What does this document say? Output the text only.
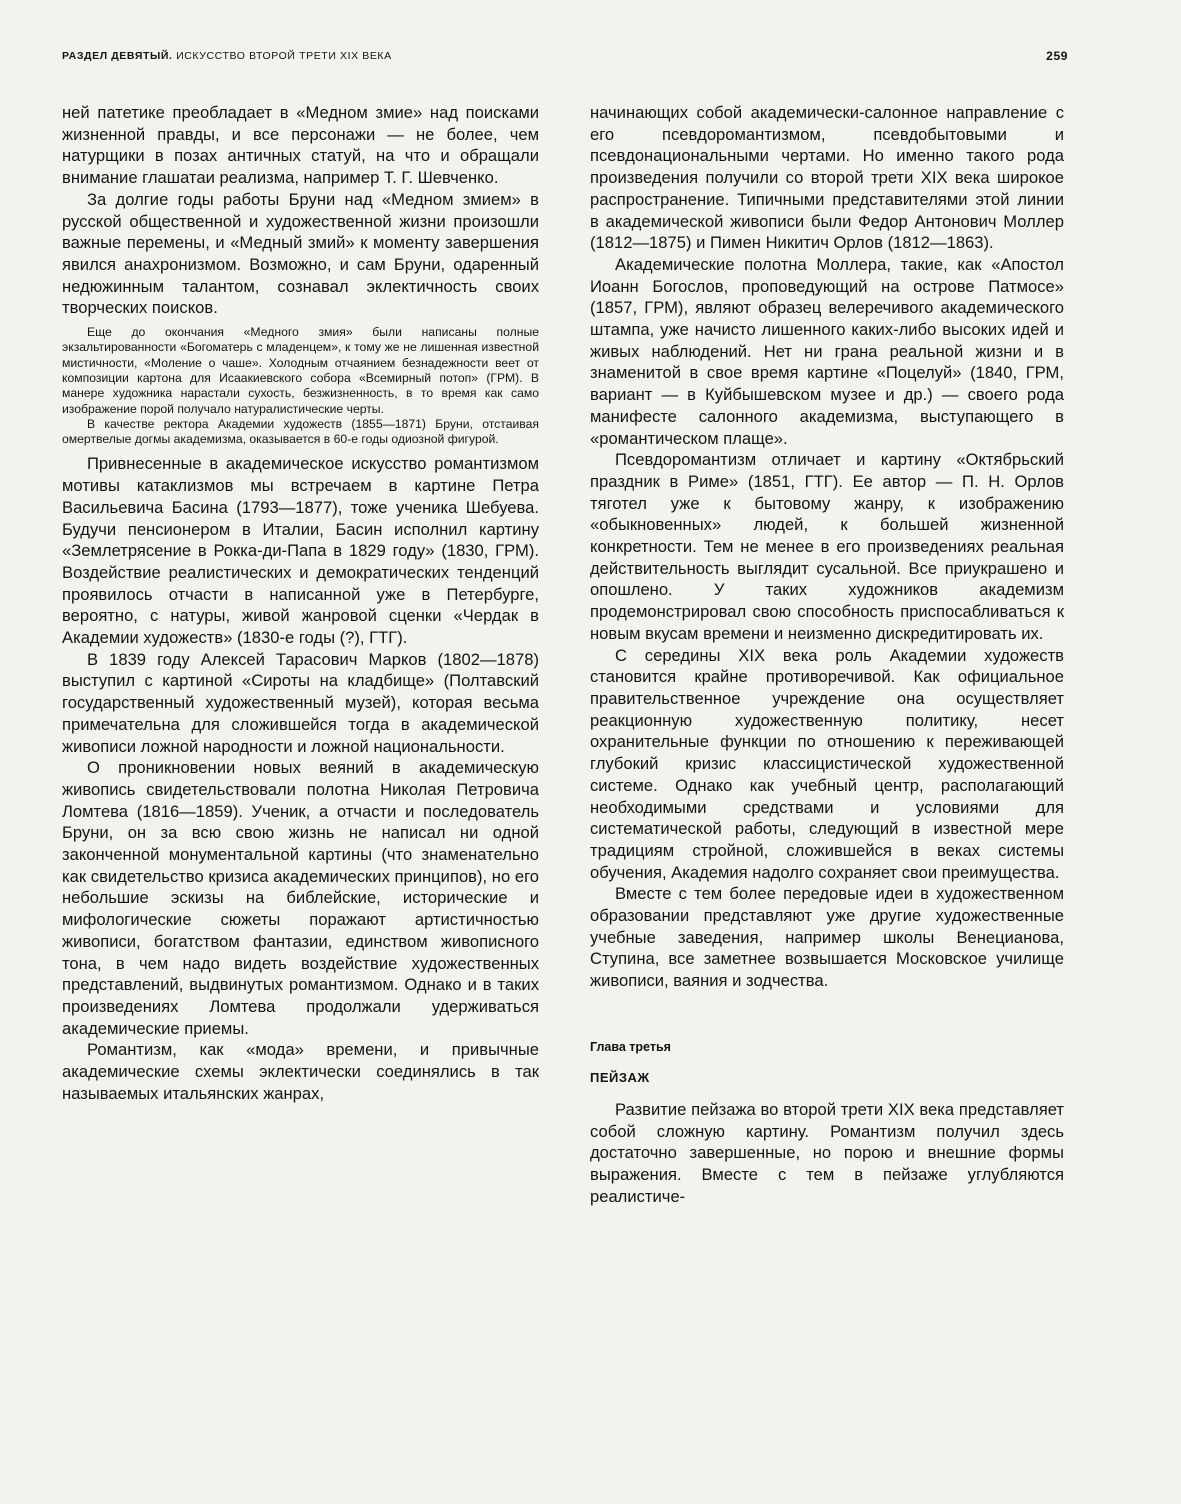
РАЗДЕЛ ДЕВЯТЫЙ. ИСКУССТВО ВТОРОЙ ТРЕТИ XIX ВЕКА	259

ней патетике преобладает в «Медном змие» над поисками жизненной правды, и все персонажи — не более, чем натурщики в позах античных статуй, на что и обращали внимание глашатаи реализма, например Т. Г. Шевченко.

За долгие годы работы Бруни над «Медном змием» в русской общественной и художественной жизни произошли важные перемены, и «Медный змий» к моменту завершения явился анахронизмом. Возможно, и сам Бруни, одаренный недюжинным талантом, сознавал эклектичность своих творческих поисков.

Еще до окончания «Медного змия» были написаны полные экзальтированности «Богоматерь с младенцем», к тому же не лишенная известной мистичности, «Моление о чаше». Холодным отчаянием безнадежности веет от композиции картона для Исаакиевского собора «Всемирный потоп» (ГРМ). В манере художника нарастали сухость, безжизненность, в то время как само изображение порой получало натуралистические черты.

В качестве ректора Академии художеств (1855—1871) Бруни, отстаивая омертвелые догмы академизма, оказывается в 60-е годы одиозной фигурой.

Привнесенные в академическое искусство романтизмом мотивы катаклизмов мы встречаем в картине Петра Васильевича Басина (1793—1877), тоже ученика Шебуева. Будучи пенсионером в Италии, Басин исполнил картину «Землетрясение в Рокка-ди-Папа в 1829 году» (1830, ГРМ). Воздействие реалистических и демократических тенденций проявилось отчасти в написанной уже в Петербурге, вероятно, с натуры, живой жанровой сценки «Чердак в Академии художеств» (1830-е годы (?), ГТГ).

В 1839 году Алексей Тарасович Марков (1802—1878) выступил с картиной «Сироты на кладбище» (Полтавский государственный художественный музей), которая весьма примечательна для сложившейся тогда в академической живописи ложной народности и ложной национальности.

О проникновении новых веяний в академическую живопись свидетельствовали полотна Николая Петровича Ломтева (1816—1859). Ученик, а отчасти и последователь Бруни, он за всю свою жизнь не написал ни одной законченной монументальной картины (что знаменательно как свидетельство кризиса академических принципов), но его небольшие эскизы на библейские, исторические и мифологические сюжеты поражают артистичностью живописи, богатством фантазии, единством живописного тона, в чем надо видеть воздействие художественных представлений, выдвинутых романтизмом. Однако и в таких произведениях Ломтева продолжали удерживаться академические приемы.

Романтизм, как «мода» времени, и привычные академические схемы эклектически соединялись в так называемых итальянских жанрах,

начинающих собой академически-салонное направление с его псевдоромантизмом, псевдобытовыми и псевдонациональными чертами. Но именно такого рода произведения получили со второй трети XIX века широкое распространение. Типичными представителями этой линии в академической живописи были Федор Антонович Моллер (1812—1875) и Пимен Никитич Орлов (1812—1863).

Академические полотна Моллера, такие, как «Апостол Иоанн Богослов, проповедующий на острове Патмосе» (1857, ГРМ), являют образец велеречивого академического штампа, уже начисто лишенного каких-либо высоких идей и живых наблюдений. Нет ни грана реальной жизни и в знаменитой в свое время картине «Поцелуй» (1840, ГРМ, вариант — в Куйбышевском музее и др.) — своего рода манифесте салонного академизма, выступающего в «романтическом плаще».

Псевдоромантизм отличает и картину «Октябрьский праздник в Риме» (1851, ГТГ). Ее автор — П. Н. Орлов тяготел уже к бытовому жанру, к изображению «обыкновенных» людей, к большей жизненной конкретности. Тем не менее в его произведениях реальная действительность выглядит сусальной. Все приукрашено и опошлено. У таких художников академизм продемонстрировал свою способность приспосабливаться к новым вкусам времени и неизменно дискредитировать их.

С середины XIX века роль Академии художеств становится крайне противоречивой. Как официальное правительственное учреждение она осуществляет реакционную художественную политику, несет охранительные функции по отношению к переживающей глубокий кризис классицистической художественной системе. Однако как учебный центр, располагающий необходимыми средствами и условиями для систематической работы, следующий в известной мере традициям стройной, сложившейся в веках системы обучения, Академия надолго сохраняет свои преимущества.

Вместе с тем более передовые идеи в художественном образовании представляют уже другие художественные учебные заведения, например школы Венецианова, Ступина, все заметнее возвышается Московское училище живописи, ваяния и зодчества.

Глава третья

ПЕЙЗАЖ

Развитие пейзажа во второй трети XIX века представляет собой сложную картину. Романтизм получил здесь достаточно завершенные, но порою и внешние формы выражения. Вместе с тем в пейзаже углубляются реалистиче-
